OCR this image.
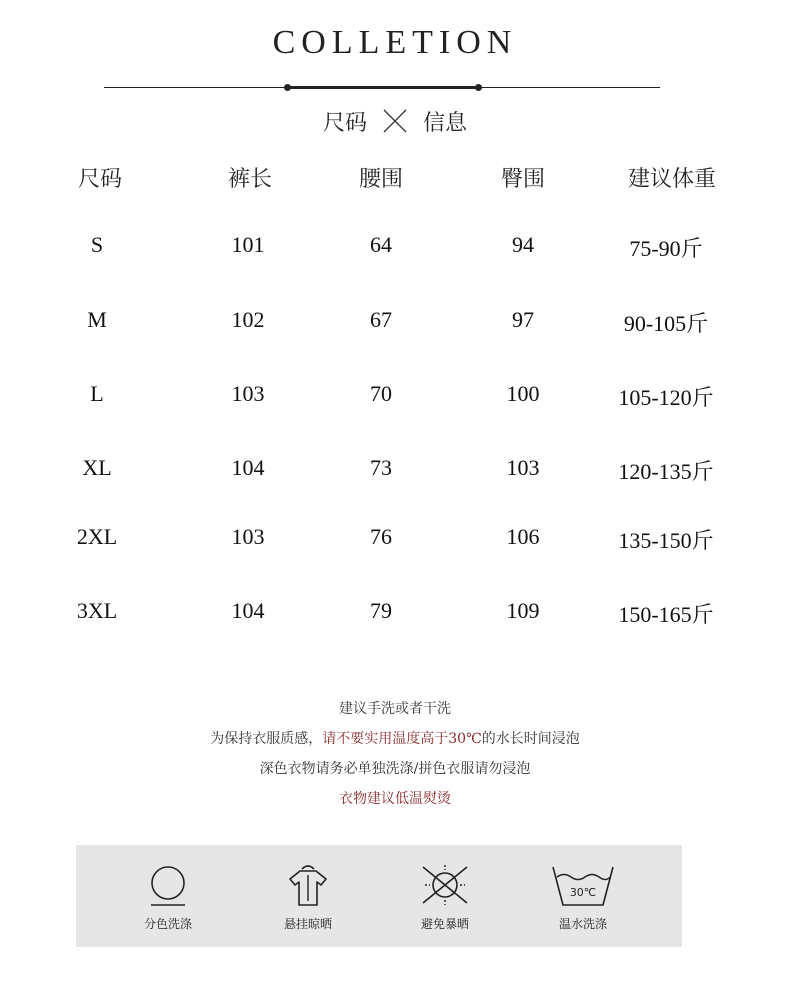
COLLETION
尺码	信息
尺码	裤长	腰围	臀围	建议体重
S	101	64	94	75-90斤
M	102	67	97	90-105斤
L	103	70	100	105-120斤
XL	104	73	103	120-135斤
2XL	103	76	106	135-150斤
3XL	104	79	109	150-165斤
建议手洗或者干洗
为保持衣服质感，请不要实用温度高于30℃的水长时间浸泡
深色衣物请务必单独洗涤/拼色衣服请勿浸泡
衣物建议低温熨烫
分色洗涤	悬挂晾晒	避免暴晒
30℃
温水洗涤
